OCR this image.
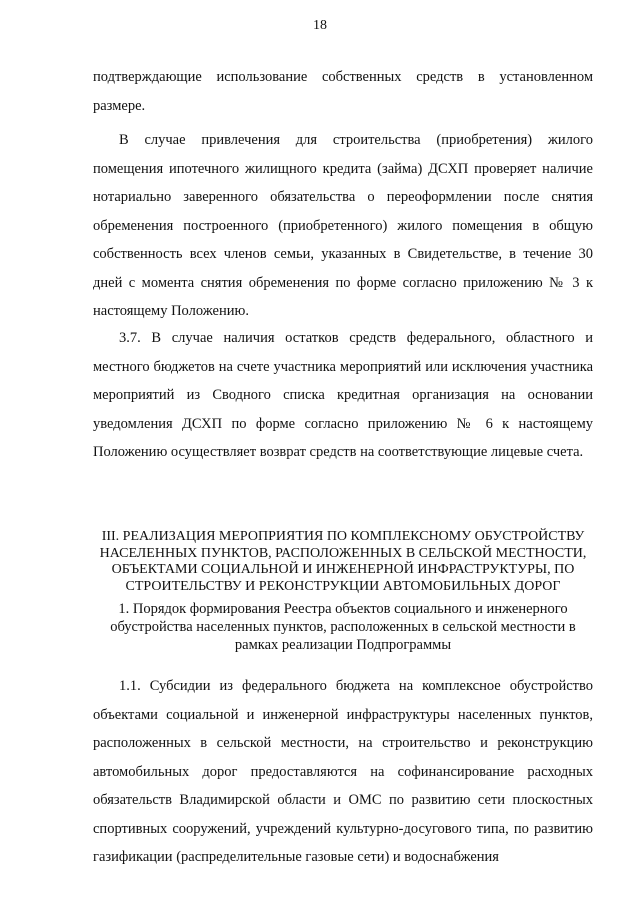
18
подтверждающие использование собственных средств в установленном размере.
В случае привлечения для строительства (приобретения) жилого помещения ипотечного жилищного кредита (займа) ДСХП проверяет наличие нотариально заверенного обязательства о переоформлении после снятия обременения построенного (приобретенного) жилого помещения в общую собственность всех членов семьи, указанных в Свидетельстве, в течение 30 дней с момента снятия обременения по форме согласно приложению № 3 к настоящему Положению.
3.7. В случае наличия остатков средств федерального, областного и местного бюджетов на счете участника мероприятий или исключения участника мероприятий из Сводного списка кредитная организация на основании уведомления ДСХП по форме согласно приложению № 6 к настоящему Положению осуществляет возврат средств на соответствующие лицевые счета.
III. РЕАЛИЗАЦИЯ МЕРОПРИЯТИЯ ПО КОМПЛЕКСНОМУ ОБУСТРОЙСТВУ НАСЕЛЕННЫХ ПУНКТОВ, РАСПОЛОЖЕННЫХ В СЕЛЬСКОЙ МЕСТНОСТИ, ОБЪЕКТАМИ СОЦИАЛЬНОЙ И ИНЖЕНЕРНОЙ ИНФРАСТРУКТУРЫ, ПО СТРОИТЕЛЬСТВУ И РЕКОНСТРУКЦИИ АВТОМОБИЛЬНЫХ ДОРОГ
1. Порядок формирования Реестра объектов социального и инженерного обустройства населенных пунктов, расположенных в сельской местности в рамках реализации Подпрограммы
1.1. Субсидии из федерального бюджета на комплексное обустройство объектами социальной и инженерной инфраструктуры населенных пунктов, расположенных в сельской местности, на строительство и реконструкцию автомобильных дорог предоставляются на софинансирование расходных обязательств Владимирской области и ОМС по развитию сети плоскостных спортивных сооружений, учреждений культурно-досугового типа, по развитию газификации (распределительные газовые сети) и водоснабжения
